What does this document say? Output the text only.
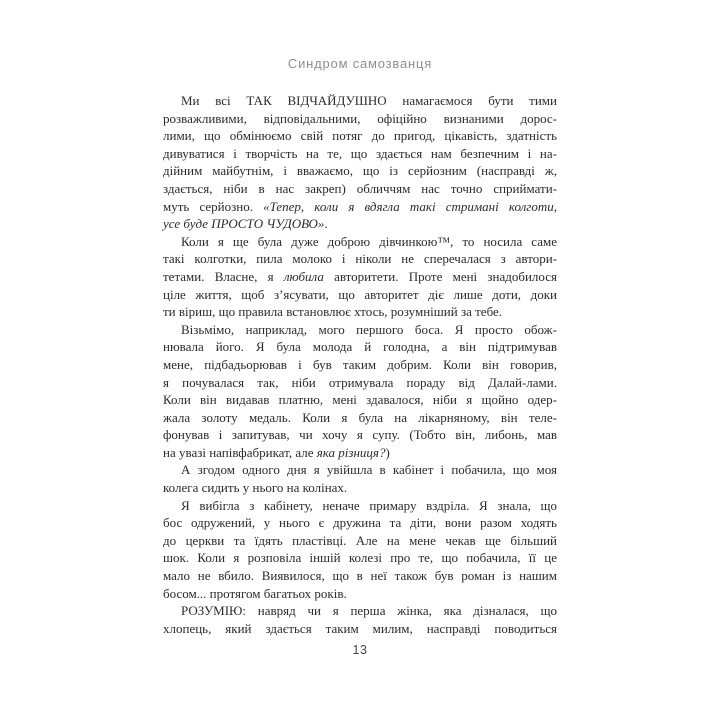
Синдром самозванця
Ми всі ТАК ВІДЧАЙДУШНО намагаємося бути тими
розважливими, відповідальними, офіційно визнаними дорос-
лими, що обмінюємо свій потяг до пригод, цікавість, здатність
дивуватися і творчість на те, що здається нам безпечним і на-
дійним майбутнім, і вважаємо, що із серйозним (насправді ж,
здається, ніби в нас закреп) обличчям нас точно сприймати-
муть серйозно. «Тепер, коли я вдягла такі стримані колготи,
усе буде ПРОСТО ЧУДОВО».
Коли я ще була дуже доброю дівчинкою™, то носила саме
такі колготки, пила молоко і ніколи не сперечалася з автори-
тетами. Власне, я любила авторитети. Проте мені знадобилося
ціле життя, щоб з’ясувати, що авторитет діє лише доти, доки
ти віриш, що правила встановлює хтось, розумніший за тебе.
Візьмімо, наприклад, мого першого боса. Я просто обож-
нювала його. Я була молода й голодна, а він підтримував
мене, підбадьорював і був таким добрим. Коли він говорив,
я почувалася так, ніби отримувала пораду від Далай-лами.
Коли він видавав платню, мені здавалося, ніби я щойно одер-
жала золоту медаль. Коли я була на лікарняному, він теле-
фонував і запитував, чи хочу я супу. (Тобто він, либонь, мав
на увазі напівфабрикат, але яка різниця?)
А згодом одного дня я увійшла в кабінет і побачила, що моя
колега сидить у нього на колінах.
Я вибігла з кабінету, неначе примару вздріла. Я знала, що
бос одружений, у нього є дружина та діти, вони разом ходять
до церкви та їдять пластівці. Але на мене чекав ще більший
шок. Коли я розповіла іншій колезі про те, що побачила, її це
мало не вбило. Виявилося, що в неї також був роман із нашим
босом... протягом багатьох років.
РОЗУМІЮ: навряд чи я перша жінка, яка дізналася, що
хлопець, який здається таким милим, насправді поводиться
13
